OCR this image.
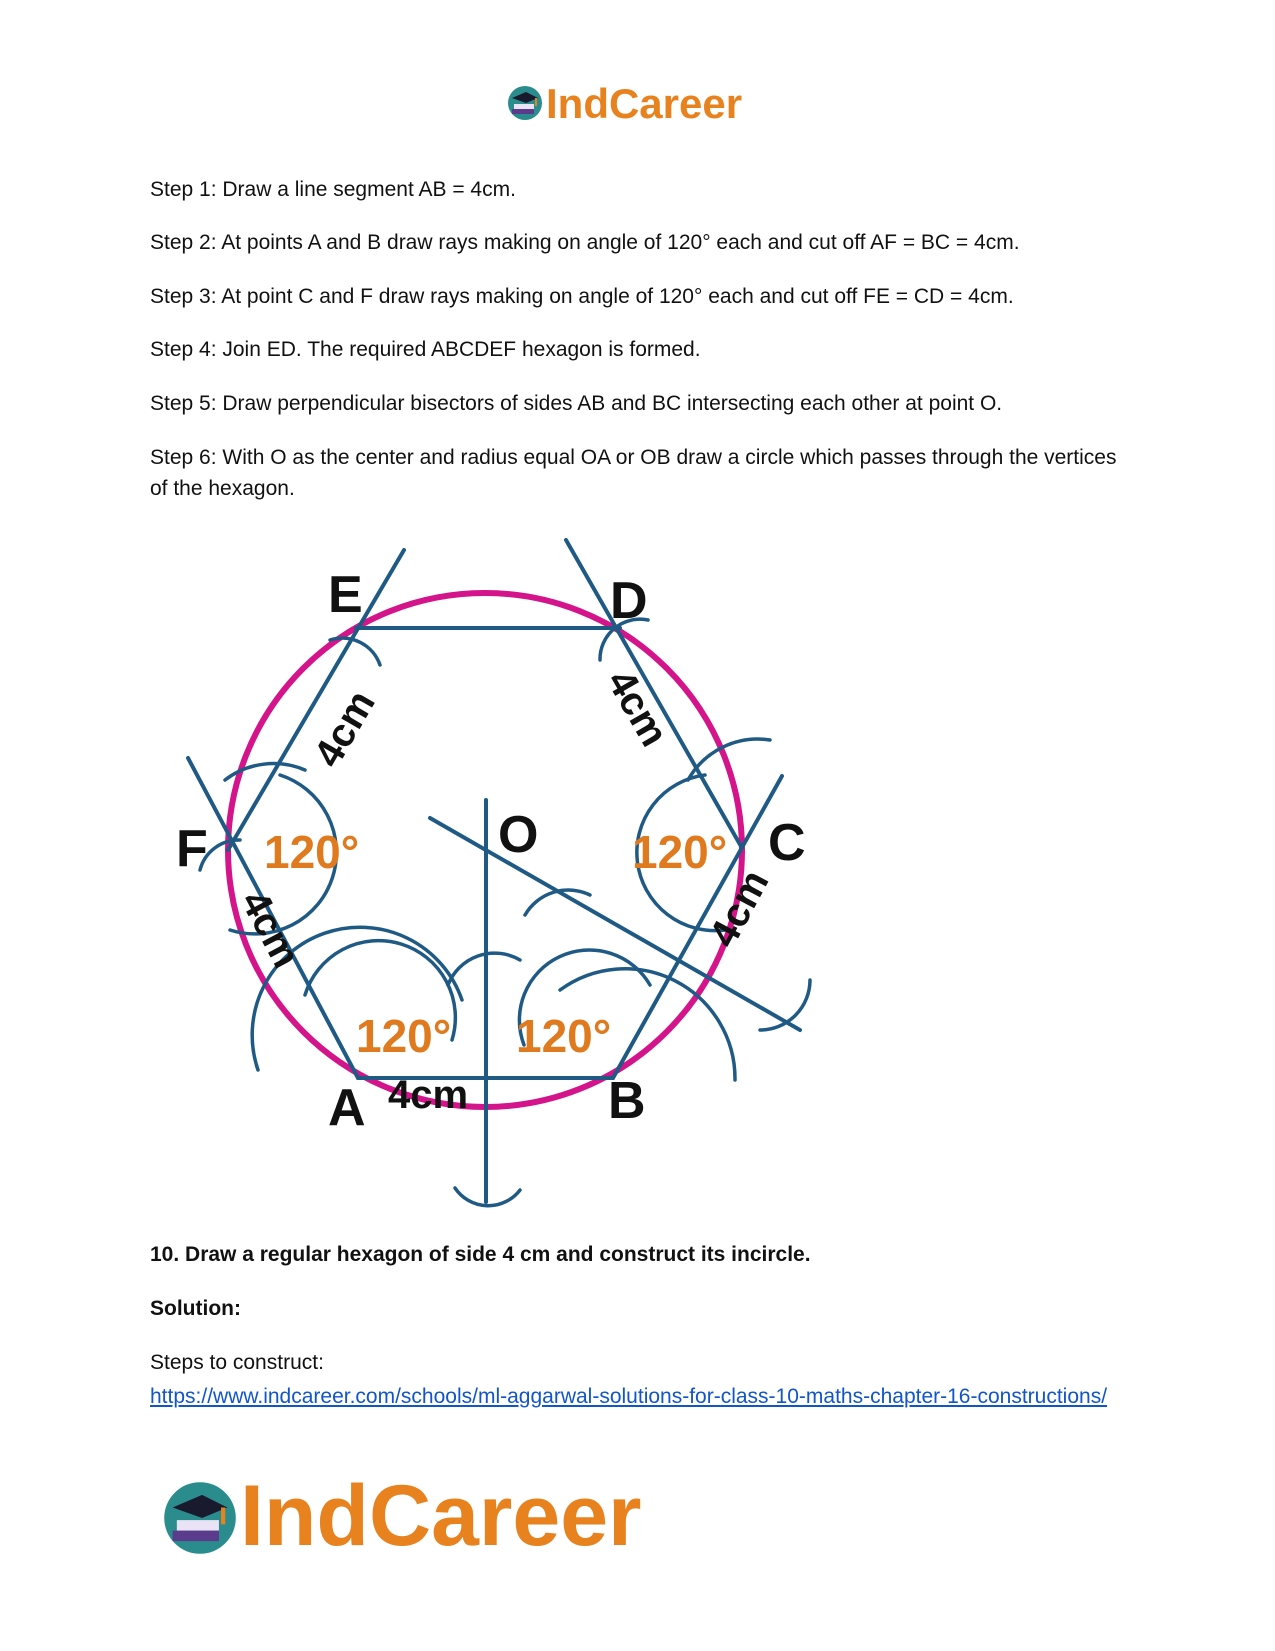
IndCareer

Step 1: Draw a line segment AB = 4cm.

Step 2: At points A and B draw rays making on angle of 120° each and cut off AF = BC = 4cm.

Step 3: At point C and F draw rays making on angle of 120° each and cut off FE = CD = 4cm.

Step 4: Join ED. The required ABCDEF hexagon is formed.

Step 5: Draw perpendicular bisectors of sides AB and BC intersecting each other at point O.

Step 6: With O as the center and radius equal OA or OB draw a circle which passes through the vertices of the hexagon.

A	B
C
D
E
F	O
4cm
4cm	4cm
4cm	4cm
120°	120°
120° 120°

10. Draw a regular hexagon of side 4 cm and construct its incircle.

Solution:

Steps to construct:

https://www.indcareer.com/schools/ml-aggarwal-solutions-for-class-10-maths-chapter-16-constructions/
IndCareer
